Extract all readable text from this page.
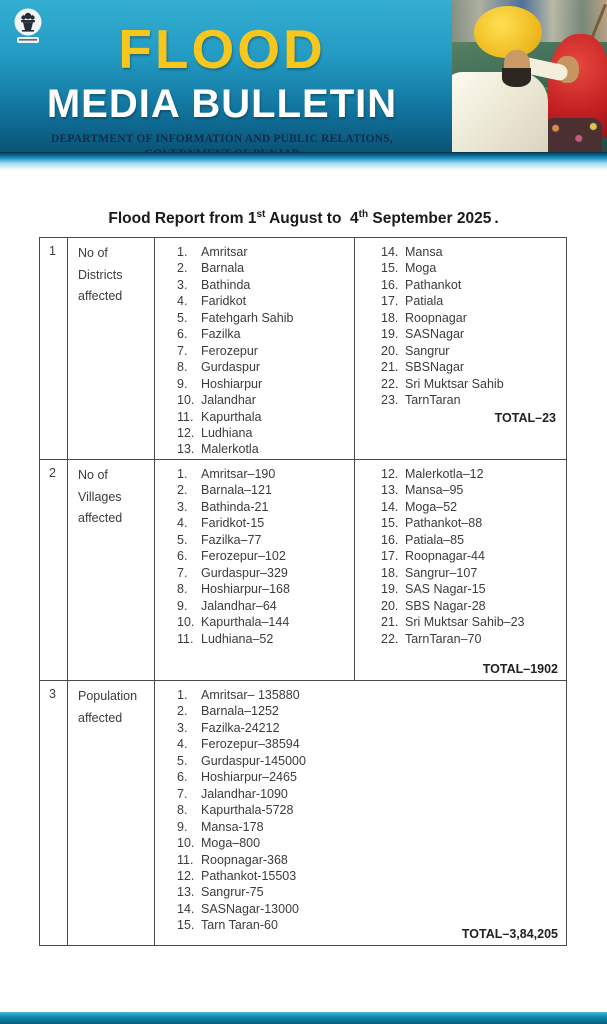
FLOOD
MEDIA BULLETIN
DEPARTMENT OF INFORMATION AND PUBLIC RELATIONS,
Flood Report from 1st August to  4th September 2025 .
1	No of Districts affected
1.	Amritsar
2.	Barnala
3.	Bathinda
4.	Faridkot
5.	Fatehgarh Sahib
6.	Fazilka
7.	Ferozepur
8.	Gurdaspur
9.	Hoshiarpur
10. Jalandhar
11. Kapurthala
12. Ludhiana
13. Malerkotla
14. Mansa
15. Moga
16. Pathankot
17. Patiala
18. Roopnagar
19. SASNagar
20. Sangrur
21. SBSNagar
22. Sri Muktsar Sahib
23. TarnTaran
TOTAL–23
2	No of Villages affected
1.	Amritsar–190
2.	Barnala–121
3.	Bathinda-21
4.	Faridkot-15
5.	Fazilka–77
6.	Ferozepur–102
7.	Gurdaspur–329
8.	Hoshiarpur–168
9.	Jalandhar–64
10. Kapurthala–144
11. Ludhiana–52
12. Malerkotla–12
13. Mansa–95
14. Moga–52
15. Pathankot–88
16. Patiala–85
17. Roopnagar-44
18. Sangrur–107
19. SAS Nagar-15
20. SBS Nagar-28
21. Sri Muktsar Sahib–23
22. TarnTaran–70
TOTAL–1902
3	Population affected
1.	Amritsar– 135880
2.	Barnala–1252
3.	Fazilka-24212
4.	Ferozepur–38594
5.	Gurdaspur-145000
6.	Hoshiarpur–2465
7.	Jalandhar-1090
8.	Kapurthala-5728
9.	Mansa-178
10. Moga–800
11. Roopnagar-368
12. Pathankot-15503
13. Sangrur-75
14. SASNagar-13000
15. Tarn Taran-60
TOTAL–3,84,205
